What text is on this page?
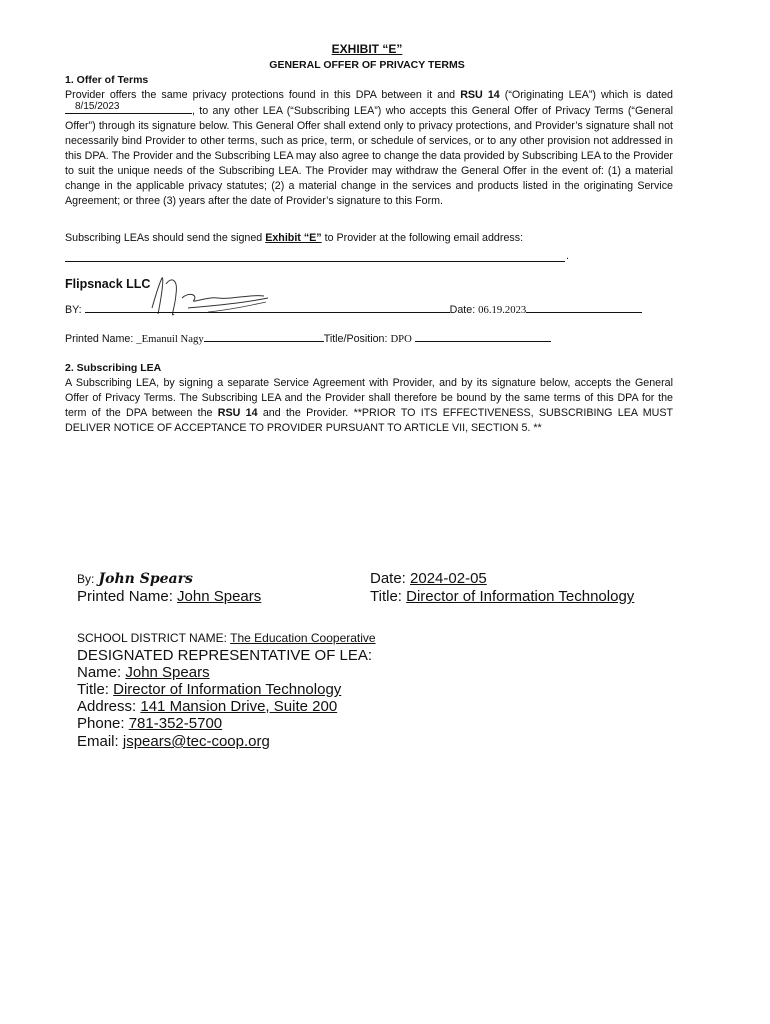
EXHIBIT “E”
GENERAL OFFER OF PRIVACY TERMS
1. Offer of Terms
Provider offers the same privacy protections found in this DPA between it and RSU 14 (“Originating LEA”) which is dated
8/15/2023	, to any other LEA (“Subscribing LEA”) who accepts this General Offer of Privacy Terms (“General Offer”) through its signature below. This General Offer shall extend only to privacy protections, and Provider’s signature shall not necessarily bind Provider to other terms, such as price, term, or schedule of services, or to any other provision not addressed in this DPA. The Provider and the Subscribing LEA may also agree to change the data provided by Subscribing LEA to the Provider to suit the unique needs of the Subscribing LEA. The Provider may withdraw the General Offer in the event of: (1) a material change in the applicable privacy statutes; (2) a material change in the services and products listed in the originating Service Agreement; or three (3) years after the date of Provider’s signature to this Form.
Subscribing LEAs should send the signed Exhibit “E” to Provider at the following email address:
.
Flipsnack LLC
BY:	Date: 06.19.2023
Printed Name: _Emanuil Nagy	Title/Position: DPO
2. Subscribing LEA
A Subscribing LEA, by signing a separate Service Agreement with Provider, and by its signature below, accepts the General Offer of Privacy Terms. The Subscribing LEA and the Provider shall therefore be bound by the same terms of this DPA for the term of the DPA between the RSU 14 and the Provider. **PRIOR TO ITS EFFECTIVENESS, SUBSCRIBING LEA MUST DELIVER NOTICE OF ACCEPTANCE TO PROVIDER PURSUANT TO ARTICLE VII, SECTION 5. **
By: John Spears	Date: 2024-02-05
Printed Name: John Spears	Title: Director of Information Technology
SCHOOL DISTRICT NAME: The Education Cooperative
DESIGNATED REPRESENTATIVE OF LEA:
Name: John Spears
Title: Director of Information Technology
Address: 141 Mansion Drive, Suite 200
Phone: 781-352-5700
Email: jspears@tec-coop.org
